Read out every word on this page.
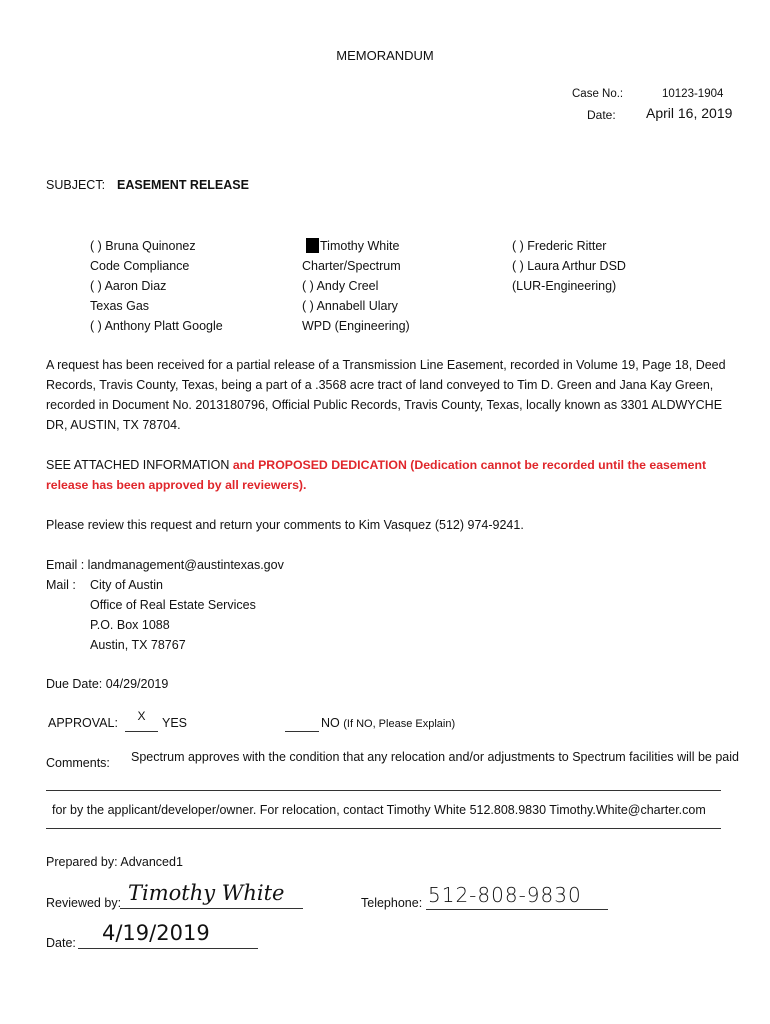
MEMORANDUM
Case No.:	10123-1904
Date: April 16, 2019
SUBJECT: EASEMENT RELEASE
( ) Bruna Quinonez
Code Compliance
( ) Aaron Diaz
Texas Gas
( ) Anthony Platt Google
Timothy White
Charter/Spectrum
( ) Andy Creel
( ) Annabell Ulary
WPD (Engineering)
( ) Frederic Ritter
( ) Laura Arthur DSD
(LUR-Engineering)
A request has been received for a partial release of a Transmission Line Easement, recorded in Volume 19, Page 18, Deed Records, Travis County, Texas, being a part of a .3568 acre tract of land conveyed to Tim D. Green and Jana Kay Green, recorded in Document No. 2013180796, Official Public Records, Travis County, Texas, locally known as 3301 ALDWYCHE DR, AUSTIN, TX 78704.
SEE ATTACHED INFORMATION and PROPOSED DEDICATION (Dedication cannot be recorded until the easement release has been approved by all reviewers).
Please review this request and return your comments to Kim Vasquez (512) 974-9241.
Email : landmanagement@austintexas.gov
Mail : City of Austin
Office of Real Estate Services
P.O. Box 1088
Austin, TX 78767
Due Date: 04/29/2019
APPROVAL:	X	YES	NO (If NO, Please Explain)
Comments: Spectrum approves with the condition that any relocation and/or adjustments to Spectrum facilities will be paid
for by the applicant/developer/owner. For relocation, contact Timothy White 512.808.9830 Timothy.White@charter.com
Prepared by: Advanced1
Reviewed by: Timothy White	Telephone: 512-808-9830
Date:	4/19/2019
